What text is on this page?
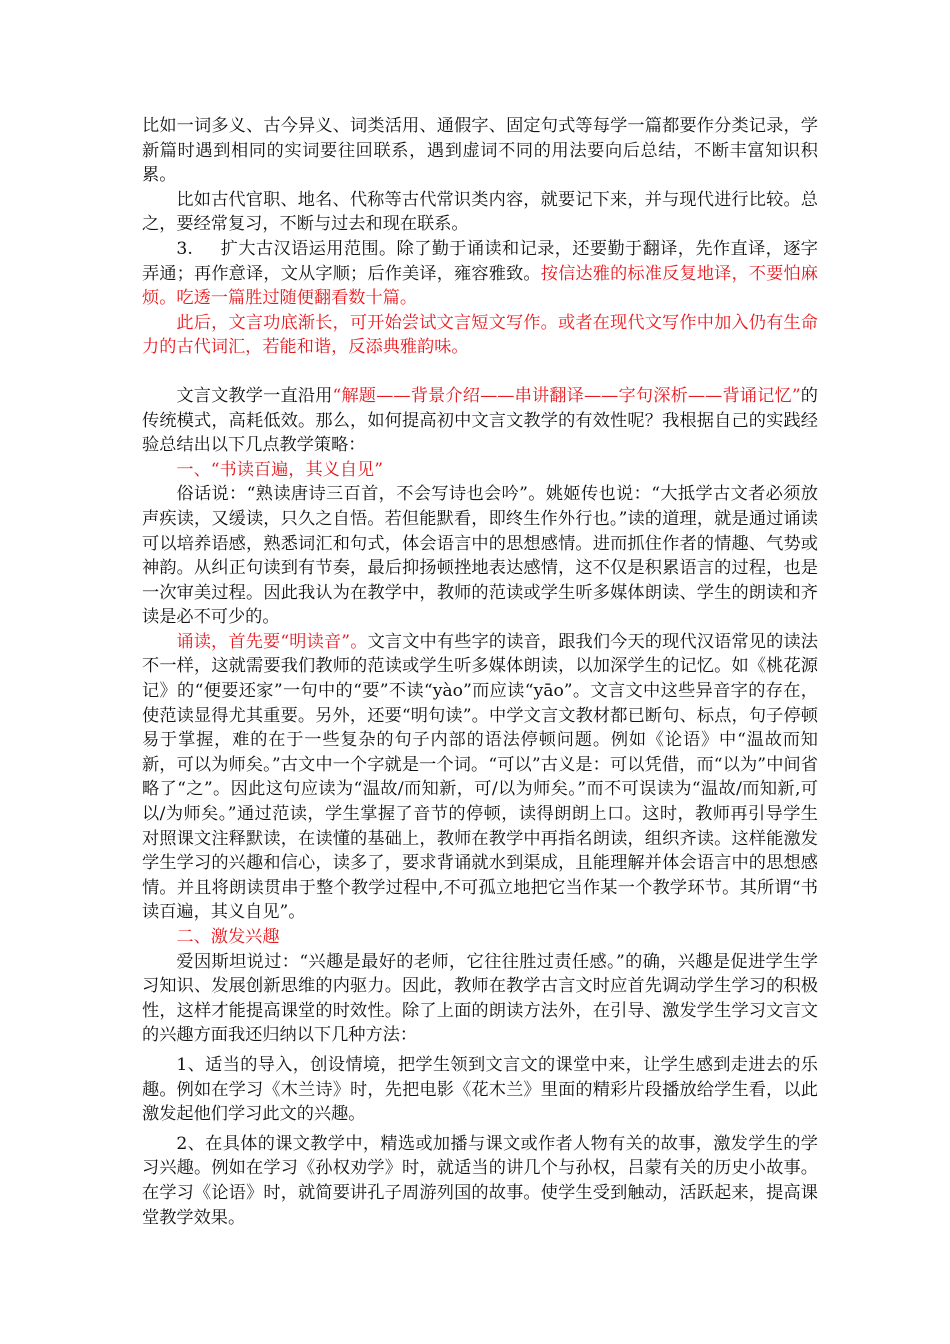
比如一词多义、古今异义、词类活用、通假字、固定句式等每学一篇都要作分类记录，学新篇时遇到相同的实词要往回联系，遇到虚词不同的用法要向后总结，不断丰富知识积累。

比如古代官职、地名、代称等古代常识类内容，就要记下来，并与现代进行比较。总之，要经常复习，不断与过去和现在联系。

3. 扩大古汉语运用范围。除了勤于诵读和记录，还要勤于翻译，先作直译，逐字弄通；再作意译，文从字顺；后作美译，雍容雅致。按信达雅的标准反复地译，不要怕麻烦。吃透一篇胜过随便翻看数十篇。

此后，文言功底渐长，可开始尝试文言短文写作。或者在现代文写作中加入仍有生命力的古代词汇，若能和谐，反添典雅韵味。

文言文教学一直沿用“解题——背景介绍——串讲翻译——字句深析——背诵记忆”的传统模式，高耗低效。那么，如何提高初中文言文教学的有效性呢？我根据自己的实践经验总结出以下几点教学策略：

一、“书读百遍，其义自见”

俗话说：“熟读唐诗三百首，不会写诗也会吟”。姚姬传也说：“大抵学古文者必须放声疾读，又缓读，只久之自悟。若但能默看，即终生作外行也。”读的道理，就是通过诵读可以培养语感，熟悉词汇和句式，体会语言中的思想感情。进而抓住作者的情趣、气势或神韵。从纠正句读到有节奏，最后抑扬顿挫地表达感情，这不仅是积累语言的过程，也是一次审美过程。因此我认为在教学中，教师的范读或学生听多媒体朗读、学生的朗读和齐读是必不可少的。

诵读，首先要“明读音”。文言文中有些字的读音，跟我们今天的现代汉语常见的读法不一样，这就需要我们教师的范读或学生听多媒体朗读，以加深学生的记忆。如《桃花源记》的“便要还家”一句中的“要”不读“yào”而应读“yāo”。文言文中这些异音字的存在，使范读显得尤其重要。另外，还要“明句读”。中学文言文教材都已断句、标点，句子停顿易于掌握，难的在于一些复杂的句子内部的语法停顿问题。例如《论语》中“温故而知新，可以为师矣。”古文中一个字就是一个词。“可以”古义是：可以凭借，而“以为”中间省略了“之”。因此这句应读为“温故/而知新，可/以为师矣。”而不可误读为“温故/而知新,可以/为师矣。”通过范读，学生掌握了音节的停顿，读得朗朗上口。这时，教师再引导学生对照课文注释默读，在读懂的基础上，教师在教学中再指名朗读，组织齐读。这样能激发学生学习的兴趣和信心，读多了，要求背诵就水到渠成，且能理解并体会语言中的思想感情。并且将朗读贯串于整个教学过程中,不可孤立地把它当作某一个教学环节。其所谓“书读百遍，其义自见”。

二、激发兴趣

爱因斯坦说过：“兴趣是最好的老师，它往往胜过责任感。”的确，兴趣是促进学生学习知识、发展创新思维的内驱力。因此，教师在教学古言文时应首先调动学生学习的积极性，这样才能提高课堂的时效性。除了上面的朗读方法外，在引导、激发学生学习文言文的兴趣方面我还归纳以下几种方法：

1、适当的导入，创设情境，把学生领到文言文的课堂中来，让学生感到走进去的乐趣。例如在学习《木兰诗》时，先把电影《花木兰》里面的精彩片段播放给学生看，以此激发起他们学习此文的兴趣。

2、在具体的课文教学中，精选或加播与课文或作者人物有关的故事，激发学生的学习兴趣。例如在学习《孙权劝学》时，就适当的讲几个与孙权，吕蒙有关的历史小故事。在学习《论语》时，就简要讲孔子周游列国的故事。使学生受到触动，活跃起来，提高课堂教学效果。
